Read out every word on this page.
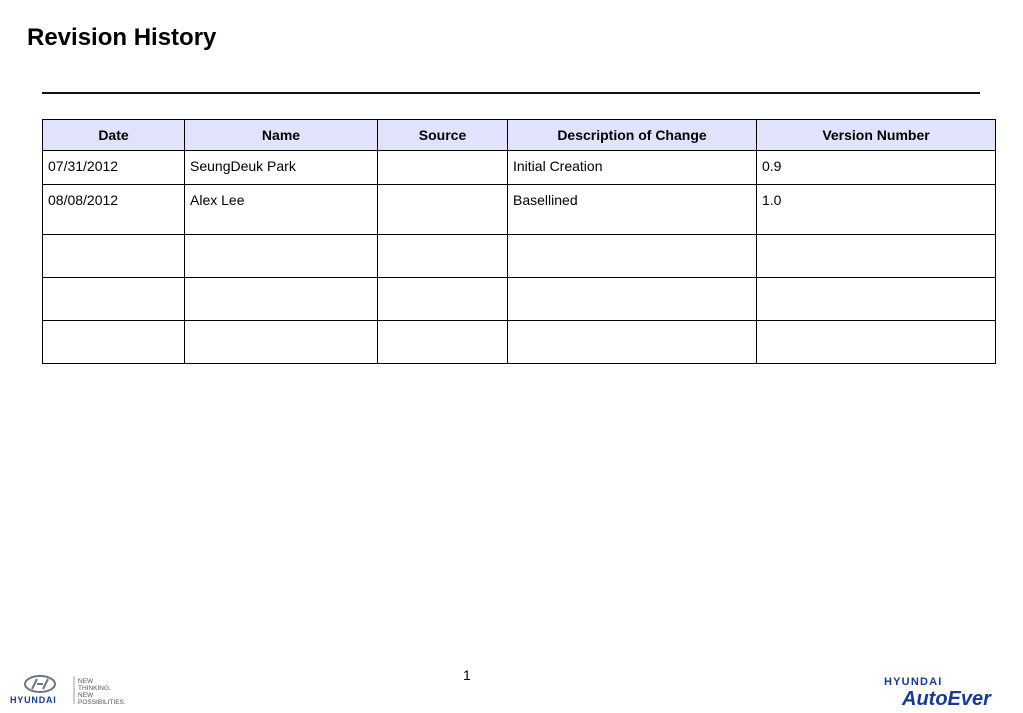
Revision History
Date	Name	Source	Description of Change	Version Number
07/31/2012	SeungDeuk Park		Initial Creation	0.9
08/08/2012	Alex Lee		Basellined	1.0

1
HYUNDAI
NEW
THINKING.
NEW
POSSIBILITIES.
HYUNDAI
AutoEver
